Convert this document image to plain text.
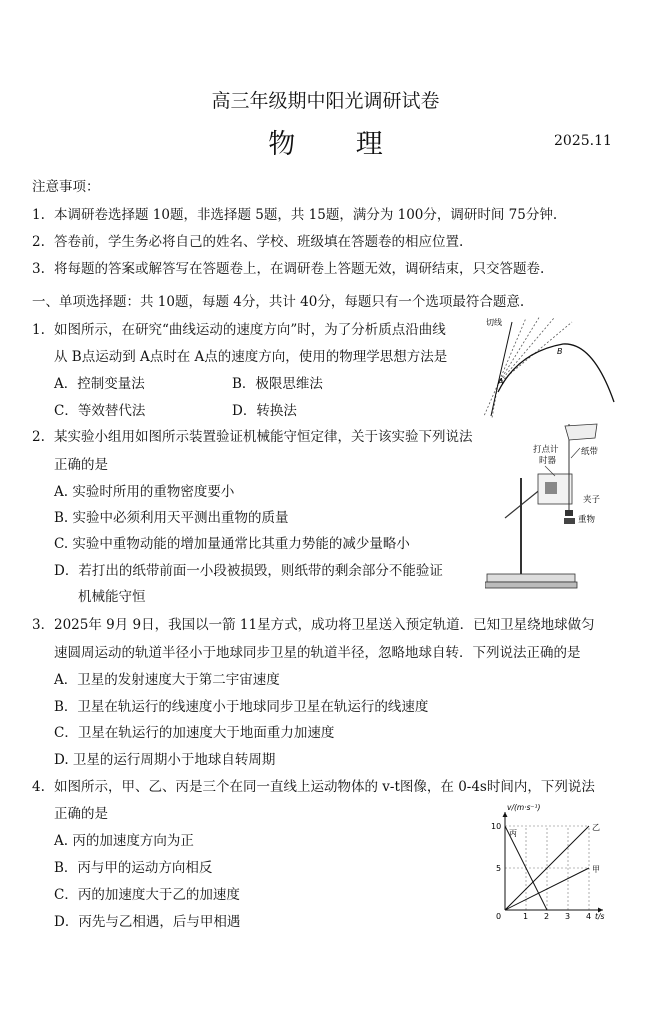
高三年级期中阳光调研试卷
物 理	2025.11
注意事项：
1. 本调研卷选择题 10题，非选择题 5题，共 15题，满分为 100分，调研时间 75分钟.
2. 答卷前，学生务必将自己的姓名、学校、班级填在答题卷的相应位置.
3. 将每题的答案或解答写在答题卷上，在调研卷上答题无效，调研结束，只交答题卷.
一、单项选择题：共 10题，每题 4分，共计 40分，每题只有一个选项最符合题意.
1. 如图所示，在研究“曲线运动的速度方向”时，为了分析质点沿曲线
从 B点运动到 A点时在 A点的速度方向，使用的物理学思想方法是
A．控制变量法	B．极限思维法
C．等效替代法	D．转换法
切线
B
A
2. 某实验小组用如图所示装置验证机械能守恒定律，关于该实验下列说法
正确的是
A. 实验时所用的重物密度要小
B. 实验中必须利用天平测出重物的质量
C. 实验中重物动能的增加量通常比其重力势能的减少量略小
D．若打出的纸带前面一小段被损毁，则纸带的剩余部分不能验证
机械能守恒
打点计
时器
纸带
夹子
重物
3．2025年 9月 9日，我国以一箭 11星方式，成功将卫星送入预定轨道．已知卫星绕地球做匀
速圆周运动的轨道半径小于地球同步卫星的轨道半径，忽略地球自转．下列说法正确的是
A．卫星的发射速度大于第二宇宙速度
B．卫星在轨运行的线速度小于地球同步卫星在轨运行的线速度
C．卫星在轨运行的加速度大于地面重力加速度
D. 卫星的运行周期小于地球自转周期
4. 如图所示，甲、乙、丙是三个在同一直线上运动物体的 v-t图像，在 0-4s时间内，下列说法
正确的是
A. 丙的加速度方向为正
B．丙与甲的运动方向相反
C．丙的加速度大于乙的加速度
D．丙先与乙相遇，后与甲相遇	0	1 2 3 4
5
10
v/(m·s⁻¹)
t/s
丙
乙
甲
